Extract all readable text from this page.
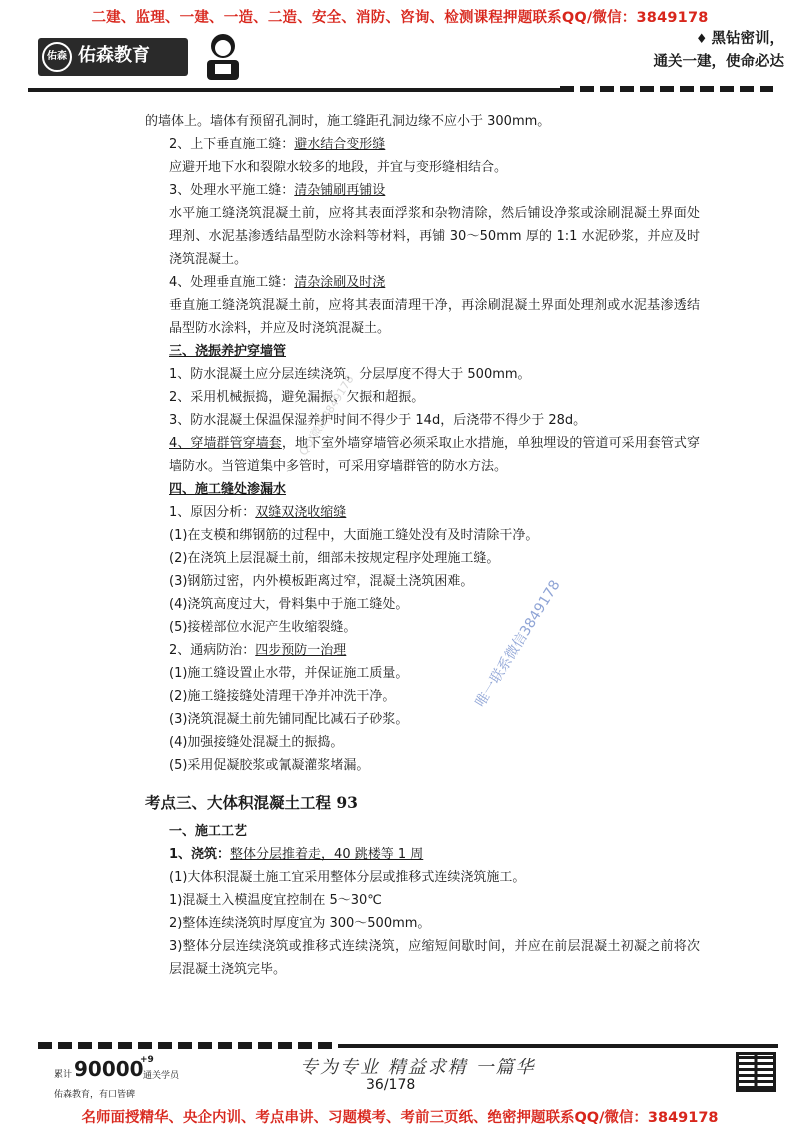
二建、监理、一建、一造、二造、安全、消防、咨询、检测课程押题联系QQ/微信：3849178
佑森 佑森教育
♦ 黑钻密训，
通关一建，使命必达
的墙体上。墙体有预留孔洞时，施工缝距孔洞边缘不应小于 300mm。
2、上下垂直施工缝：避水结合变形缝
应避开地下水和裂隙水较多的地段，并宜与变形缝相结合。
3、处理水平施工缝：清杂铺刷再铺设
水平施工缝浇筑混凝土前，应将其表面浮浆和杂物清除，然后铺设净浆或涂刷混凝土界面处理剂、水泥基渗透结晶型防水涂料等材料，再铺 30～50mm 厚的 1:1 水泥砂浆，并应及时浇筑混凝土。
4、处理垂直施工缝：清杂涂刷及时浇
垂直施工缝浇筑混凝土前，应将其表面清理干净，再涂刷混凝土界面处理剂或水泥基渗透结晶型防水涂料，并应及时浇筑混凝土。
三、浇振养护穿墙管
1、防水混凝土应分层连续浇筑，分层厚度不得大于 500mm。
2、采用机械振捣，避免漏振、欠振和超振。
3、防水混凝土保温保湿养护时间不得少于 14d，后浇带不得少于 28d。
4、穿墙群管穿墙套，地下室外墙穿墙管必须采取止水措施，单独埋设的管道可采用套管式穿墙防水。当管道集中多管时，可采用穿墙群管的防水方法。
四、施工缝处渗漏水
1、原因分析：双缝双浇收缩缝
(1)在支模和绑钢筋的过程中，大面施工缝处没有及时清除干净。
(2)在浇筑上层混凝土前，细部未按规定程序处理施工缝。
(3)钢筋过密，内外模板距离过窄，混凝土浇筑困难。
(4)浇筑高度过大，骨料集中于施工缝处。
(5)接槎部位水泥产生收缩裂缝。
2、通病防治：四步预防一治理
(1)施工缝设置止水带，并保证施工质量。
(2)施工缝接缝处清理干净并冲洗干净。
(3)浇筑混凝土前先铺同配比减石子砂浆。
(4)加强接缝处混凝土的振捣。
(5)采用促凝胶浆或氰凝灌浆堵漏。
考点三、大体积混凝土工程 93
一、施工工艺
1、浇筑：整体分层推着走，40 跳楼等 1 周
(1)大体积混凝土施工宜采用整体分层或推移式连续浇筑施工。
1)混凝土入模温度宜控制在 5～30℃
2)整体连续浇筑时厚度宜为 300～500mm。
3)整体分层连续浇筑或推移式连续浇筑，应缩短间歇时间，并应在前层混凝土初凝之前将次层混凝土浇筑完毕。
QQ/微信3849178
唯一联系微信3849178
累计 90000
+9
通关学员
佑森教育，有口皆碑
专为专业 精益求精 一篇华
36/178
名师面授精华、央企内训、考点串讲、习题模考、考前三页纸、绝密押题联系QQ/微信：3849178
